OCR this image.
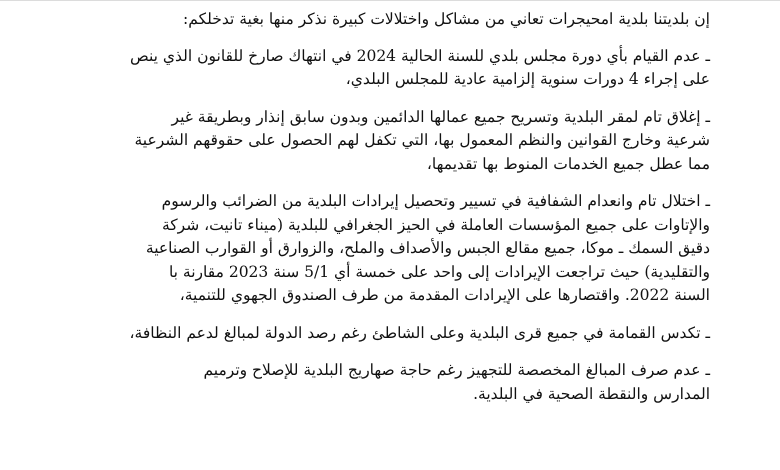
إن بلديتنا بلدية امحيجرات تعاني من مشاكل واختلالات كبيرة نذكر منها بغية تدخلكم:

ـ عدم القيام بأي دورة مجلس بلدي للسنة الحالية 2024 في انتهاك صارخ للقانون الذي ينص
على إجراء 4 دورات سنوية إلزامية عادية للمجلس البلدي،
ـ إغلاق تام لمقر البلدية وتسريح جميع عمالها الدائمين وبدون سابق إنذار وبطريقة غير
شرعية وخارج القوانين والنظم المعمول بها، التي تكفل لهم الحصول على حقوقهم الشرعية
مما عطل جميع الخدمات المنوط بها تقديمها،
ـ اختلال تام وانعدام الشفافية في تسيير وتحصيل إيرادات البلدية من الضرائب والرسوم
والإتاوات على جميع المؤسسات العاملة في الحيز الجغرافي للبلدية (ميناء تانيت، شركة
دقيق السمك ـ موكا، جميع مقالع الجبس والأصداف والملح، والزوارق أو القوارب الصناعية
والتقليدية) حيث تراجعت الإيرادات إلى واحد على خمسة أي 5/1 سنة 2023 مقارنة با
السنة 2022. واقتصارها على الإيرادات المقدمة من طرف الصندوق الجهوي للتنمية،
ـ تكدس القمامة في جميع قرى البلدية وعلى الشاطئ رغم رصد الدولة لمبالغ لدعم النظافة،
ـ عدم صرف المبالغ المخصصة للتجهيز رغم حاجة صهاريج البلدية للإصلاح وترميم
المدارس والنقطة الصحية في البلدية.
